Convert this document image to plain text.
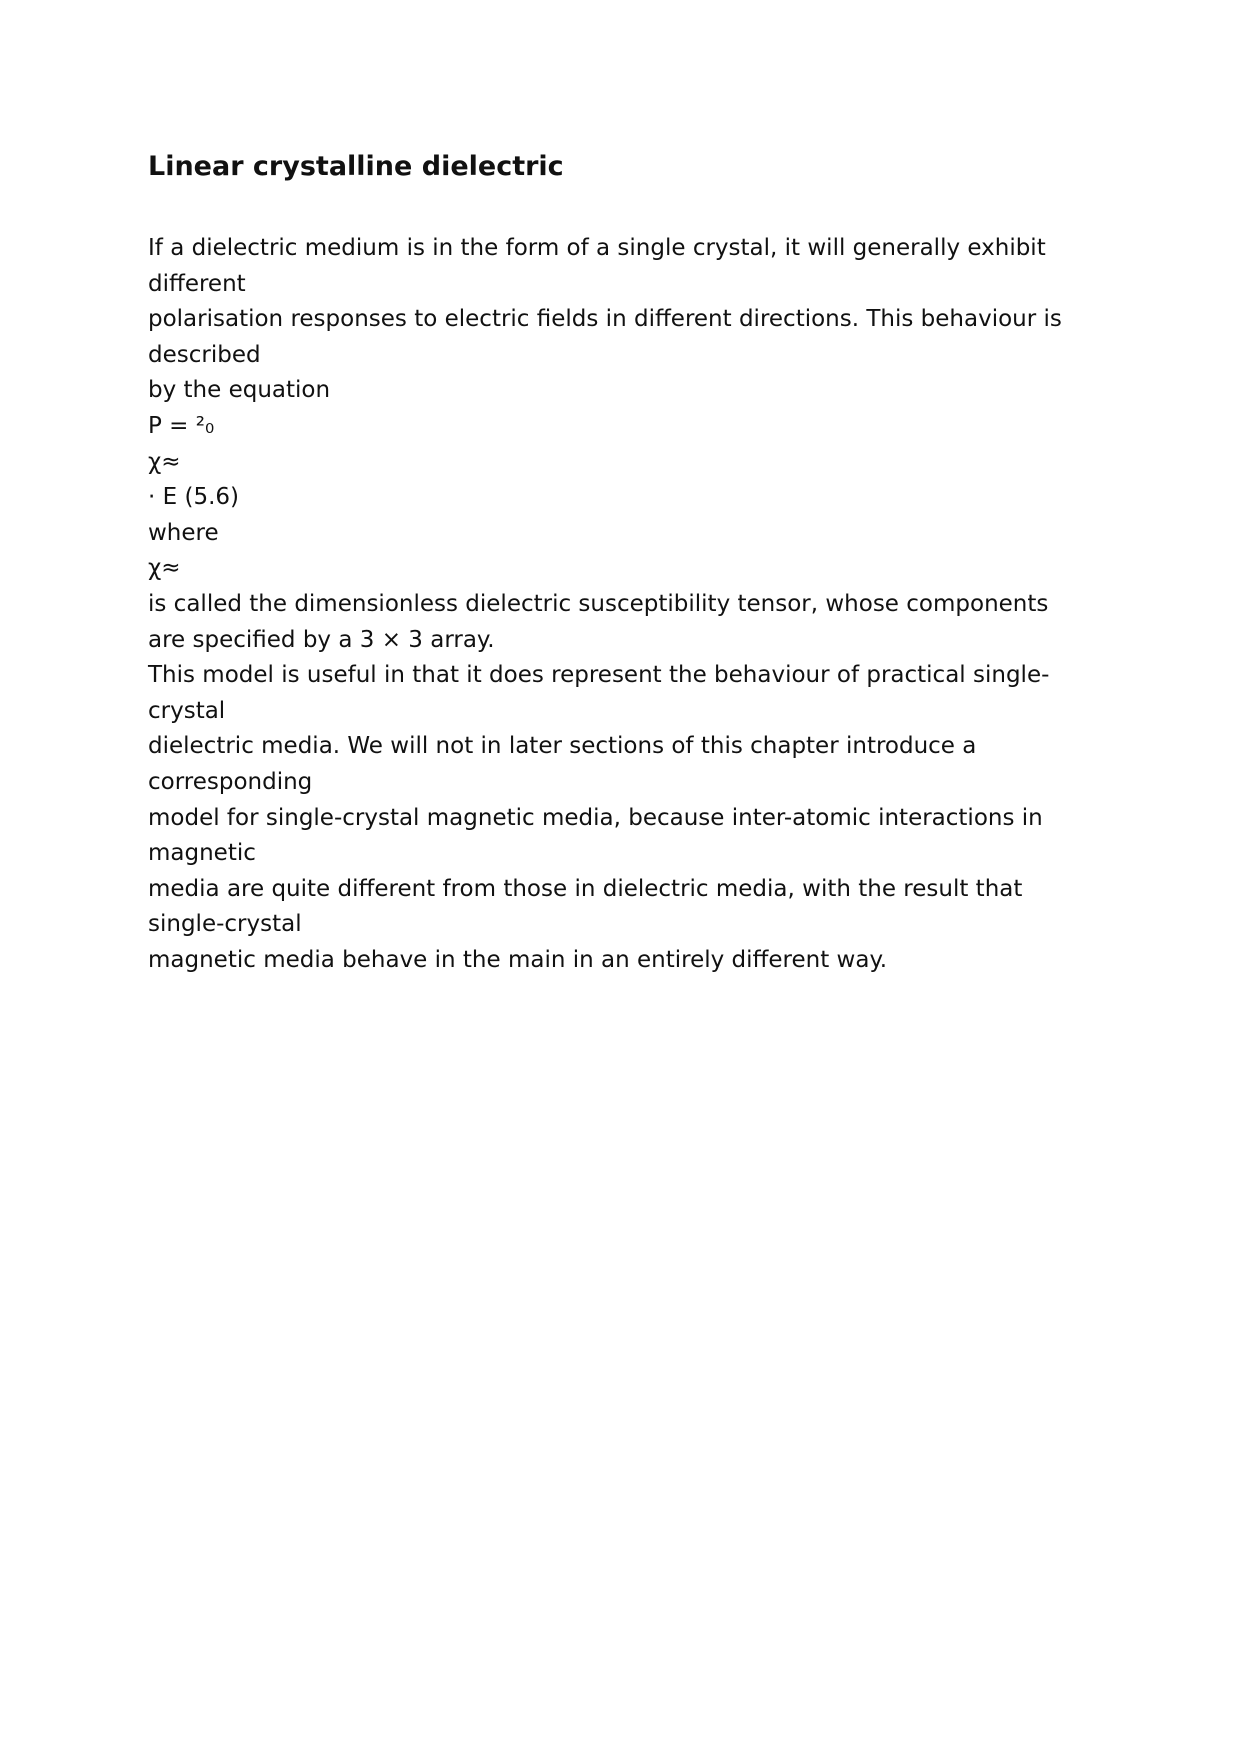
Linear crystalline dielectric
If a dielectric medium is in the form of a single crystal, it will generally exhibit
different
polarisation responses to electric fields in different directions. This behaviour is
described
by the equation
P = ²₀
χ≈
· E (5.6)
where
χ≈
is called the dimensionless dielectric susceptibility tensor, whose components
are specified by a 3 × 3 array.
This model is useful in that it does represent the behaviour of practical single-
crystal
dielectric media. We will not in later sections of this chapter introduce a
corresponding
model for single-crystal magnetic media, because inter-atomic interactions in
magnetic
media are quite different from those in dielectric media, with the result that
single-crystal
magnetic media behave in the main in an entirely different way.
